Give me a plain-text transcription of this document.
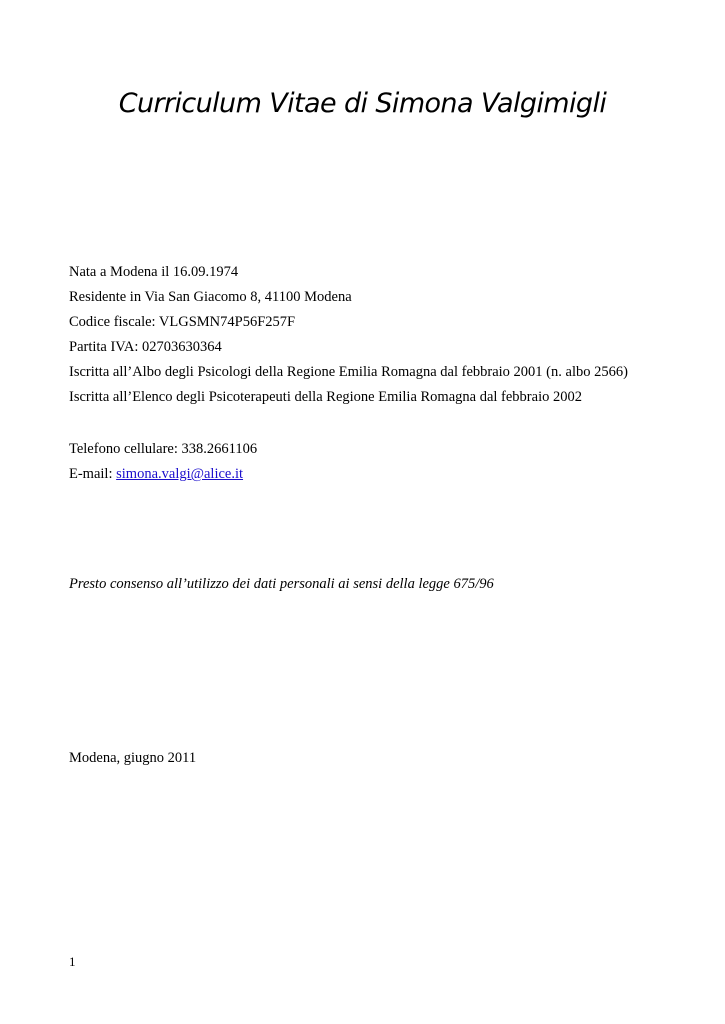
Curriculum Vitae di Simona Valgimigli
Nata a Modena il 16.09.1974
Residente in Via San Giacomo 8, 41100 Modena
Codice fiscale: VLGSMN74P56F257F
Partita IVA: 02703630364
Iscritta all’Albo degli Psicologi della Regione Emilia Romagna dal febbraio 2001 (n. albo 2566)
Iscritta all’Elenco degli Psicoterapeuti della Regione Emilia Romagna dal febbraio 2002
Telefono cellulare: 338.2661106
E-mail: simona.valgi@alice.it
Presto consenso all’utilizzo dei dati personali ai sensi della legge 675/96
Modena, giugno 2011
1
